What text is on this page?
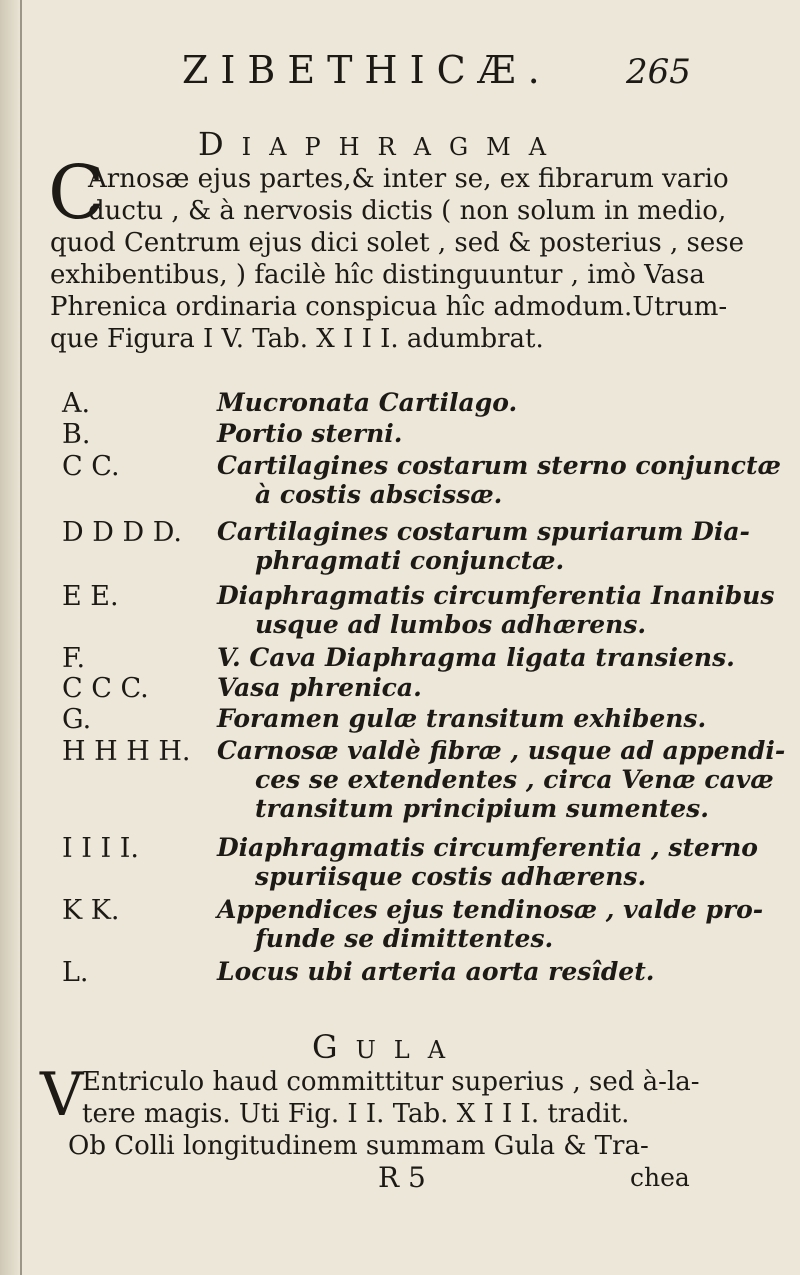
ZIBETHICÆ. 265
DIAPHRAGMA
C
Arnosæ ejus partes,& inter se, ex fibrarum vario
ductu , & à nervosis dictis ( non solum in medio,
quod Centrum ejus dici solet , sed & posterius , sese
exhibentibus, ) facilè hîc distinguuntur , imò Vasa
Phrenica ordinaria conspicua hîc admodum.Utrum-
que Figura I V. Tab. X I I I. adumbrat.
A.	Mucronata Cartilago.
B.	Portio sterni.
C C.	Cartilagines costarum sterno conjunctæ
à costis abscissæ.
D D D D. Cartilagines costarum spuriarum Dia-
phragmati conjunctæ.
E E.	Diaphragmatis circumferentia Inanibus
usque ad lumbos adhærens.
F.	V. Cava Diaphragma ligata transiens.
C C C.	Vasa phrenica.
G.	Foramen gulæ transitum exhibens.
H H H H. Carnosæ valdè fibræ , usque ad appendi-
ces se extendentes , circa Venæ cavæ
transitum principium sumentes.
I I I I.	Diaphragmatis circumferentia , sterno
spuriisque costis adhærens.
K K.	Appendices ejus tendinosæ , valde pro-
funde se dimittentes.
L.	Locus ubi arteria aorta resîdet.
GULA
V
Entriculo haud committitur superius , sed à-la-
tere magis. Uti Fig. I I. Tab. X I I I. tradit.
Ob Colli longitudinem summam Gula & Tra-
R 5	chea
